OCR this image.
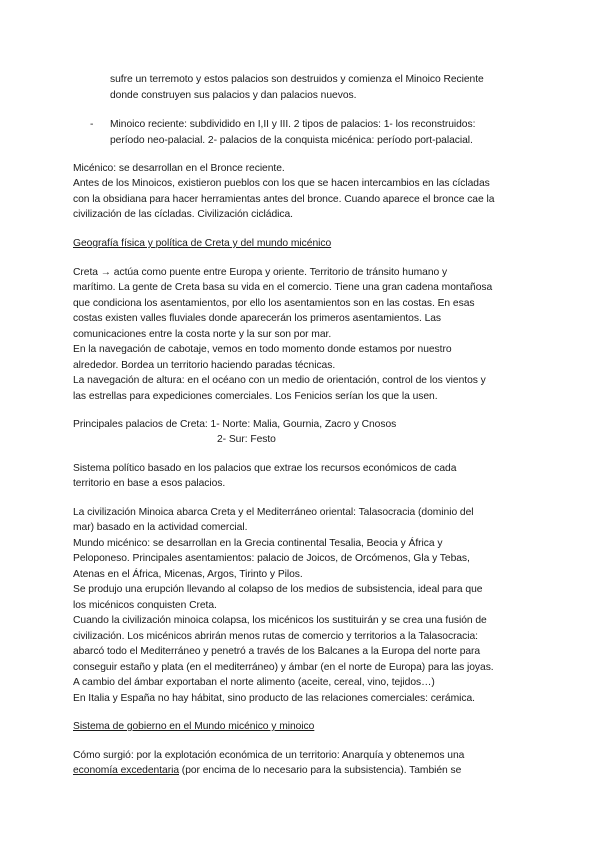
sufre un terremoto y estos palacios son destruidos y comienza el Minoico Reciente
donde construyen sus palacios y dan palacios nuevos.
- Minoico reciente: subdividido en I,II y III. 2 tipos de palacios: 1- los reconstruidos:
período neo-palacial. 2- palacios de la conquista micénica: período port-palacial.
Micénico: se desarrollan en el Bronce reciente.
Antes de los Minoicos, existieron pueblos con los que se hacen intercambios en las cícladas
con la obsidiana para hacer herramientas antes del bronce. Cuando aparece el bronce cae la
civilización de las cícladas. Civilización cicládica.
Geografía física y política de Creta y del mundo micénico
Creta → actúa como puente entre Europa y oriente. Territorio de tránsito humano y
marítimo. La gente de Creta basa su vida en el comercio. Tiene una gran cadena montañosa
que condiciona los asentamientos, por ello los asentamientos son en las costas. En esas
costas existen valles fluviales donde aparecerán los primeros asentamientos. Las
comunicaciones entre la costa norte y la sur son por mar.
En la navegación de cabotaje, vemos en todo momento donde estamos por nuestro
alrededor. Bordea un territorio haciendo paradas técnicas.
La navegación de altura: en el océano con un medio de orientación, control de los vientos y
las estrellas para expediciones comerciales. Los Fenicios serían los que la usen.
Principales palacios de Creta: 1- Norte: Malia, Gournia, Zacro y Cnosos
2- Sur: Festo
Sistema político basado en los palacios que extrae los recursos económicos de cada
territorio en base a esos palacios.
La civilización Minoica abarca Creta y el Mediterráneo oriental: Talasocracia (dominio del
mar) basado en la actividad comercial.
Mundo micénico: se desarrollan en la Grecia continental Tesalia, Beocia y África y
Peloponeso. Principales asentamientos: palacio de Joicos, de Orcómenos, Gla y Tebas,
Atenas en el África, Micenas, Argos, Tirinto y Pilos.
Se produjo una erupción llevando al colapso de los medios de subsistencia, ideal para que
los micénicos conquisten Creta.
Cuando la civilización minoica colapsa, los micénicos los sustituirán y se crea una fusión de
civilización. Los micénicos abrirán menos rutas de comercio y territorios a la Talasocracia:
abarcó todo el Mediterráneo y penetró a través de los Balcanes a la Europa del norte para
conseguir estaño y plata (en el mediterráneo) y ámbar (en el norte de Europa) para las joyas.
A cambio del ámbar exportaban el norte alimento (aceite, cereal, vino, tejidos…)
En Italia y España no hay hábitat, sino producto de las relaciones comerciales: cerámica.
Sistema de gobierno en el Mundo micénico y minoico
Cómo surgió: por la explotación económica de un territorio: Anarquía y obtenemos una
economía excedentaria (por encima de lo necesario para la subsistencia). También se
